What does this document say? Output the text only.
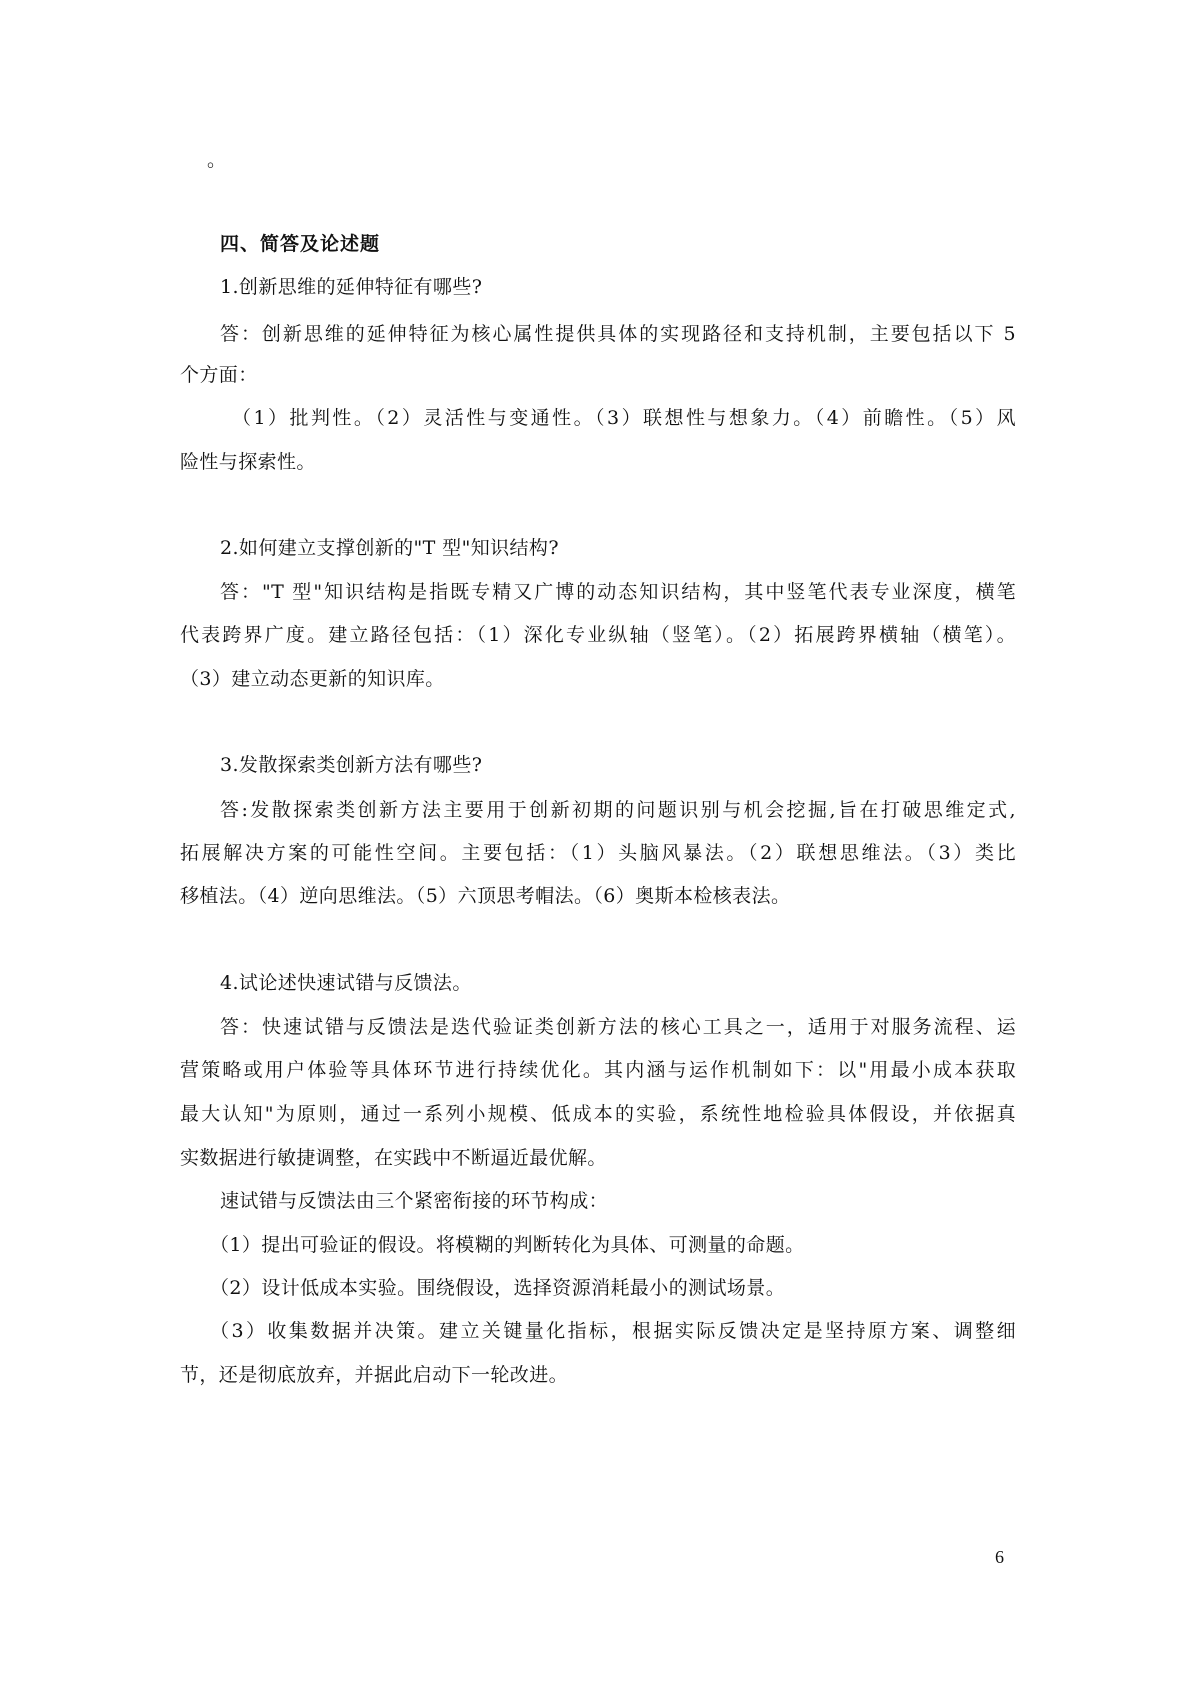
。
四、简答及论述题
1.创新思维的延伸特征有哪些?
答：创新思维的延伸特征为核心属性提供具体的实现路径和支持机制，主要包括以下 5
个方面：
（1）批判性。（2）灵活性与变通性。（3）联想性与想象力。（4）前瞻性。（5）风
险性与探索性。
2.如何建立支撑创新的"T 型"知识结构?
答："T 型"知识结构是指既专精又广博的动态知识结构，其中竖笔代表专业深度，横笔
代表跨界广度。建立路径包括：（1）深化专业纵轴（竖笔）。（2）拓展跨界横轴（横笔）。
（3）建立动态更新的知识库。
3.发散探索类创新方法有哪些?
答:发散探索类创新方法主要用于创新初期的问题识别与机会挖掘,旨在打破思维定式,
拓展解决方案的可能性空间。主要包括：（1）头脑风暴法。（2）联想思维法。（3）类比
移植法。（4）逆向思维法。（5）六顶思考帽法。（6）奥斯本检核表法。
4.试论述快速试错与反馈法。
答：快速试错与反馈法是迭代验证类创新方法的核心工具之一，适用于对服务流程、运
营策略或用户体验等具体环节进行持续优化。其内涵与运作机制如下：以"用最小成本获取
最大认知"为原则，通过一系列小规模、低成本的实验，系统性地检验具体假设，并依据真
实数据进行敏捷调整，在实践中不断逼近最优解。
速试错与反馈法由三个紧密衔接的环节构成：
（1）提出可验证的假设。将模糊的判断转化为具体、可测量的命题。
（2）设计低成本实验。围绕假设，选择资源消耗最小的测试场景。
（3）收集数据并决策。建立关键量化指标，根据实际反馈决定是坚持原方案、调整细
节，还是彻底放弃，并据此启动下一轮改进。
6
